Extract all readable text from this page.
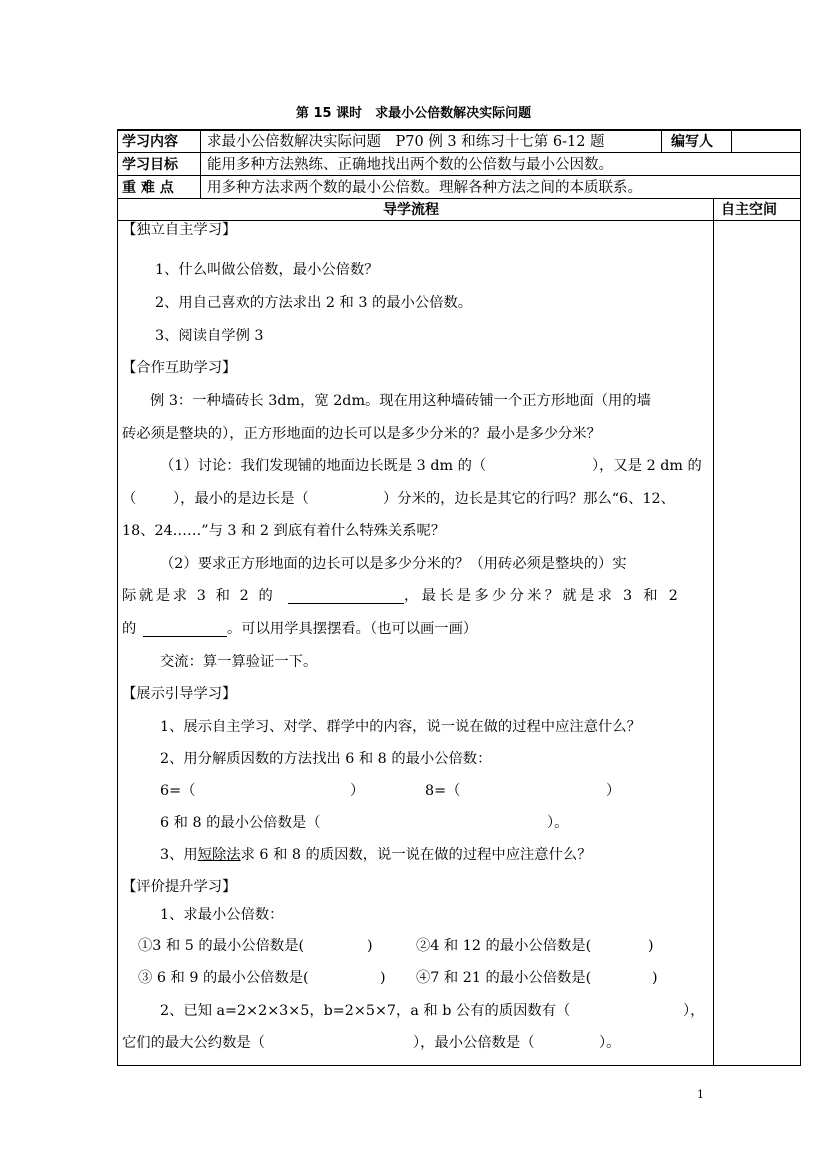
第 15 课时　求最小公倍数解决实际问题
学习内容 求最小公倍数解决实际问题　P70 例 3 和练习十七第 6-12 题	编写人
学习目标 能用多种方法熟练、正确地找出两个数的公倍数与最小公因数。
重 难 点 用多种方法求两个数的最小公倍数。理解各种方法之间的本质联系。
导学流程	自主空间
【独立自主学习】
1、什么叫做公倍数，最小公倍数？
2、用自己喜欢的方法求出 2 和 3 的最小公倍数。
3、阅读自学例 3
【合作互助学习】
例 3：一种墙砖长 3dm，宽 2dm。现在用这种墙砖铺一个正方形地面（用的墙
砖必须是整块的），正方形地面的边长可以是多少分米的？最小是多少分米？
（1）讨论：我们发现铺的地面边长既是 3 dm 的（	），又是 2 dm 的
（	），最小的是边长是（	）分米的，边长是其它的行吗？那么“6、12、
18、24……”与 3 和 2 到底有着什么特殊关系呢？
（2）要求正方形地面的边长可以是多少分米的？（用砖必须是整块的）实
际就是求 3 和 2 的	，最长是多少分米？就是求 3 和 2
的	。可以用学具摆摆看。（也可以画一画）
交流：算一算验证一下。
【展示引导学习】
1、展示自主学习、对学、群学中的内容，说一说在做的过程中应注意什么？
2、用分解质因数的方法找出 6 和 8 的最小公倍数：
6=（	）	8=（	）
6 和 8 的最小公倍数是（	）。
3、用短除法求 6 和 8 的质因数，说一说在做的过程中应注意什么？
【评价提升学习】
1、求最小公倍数：
①3 和 5 的最小公倍数是(	)	②4 和 12 的最小公倍数是(	)
③ 6 和 9 的最小公倍数是(	) ④7 和 21 的最小公倍数是(	)
2、已知 a=2×2×3×5，b=2×5×7，a 和 b 公有的质因数有（	），
它们的最大公约数是（	），最小公倍数是（	）。
1
